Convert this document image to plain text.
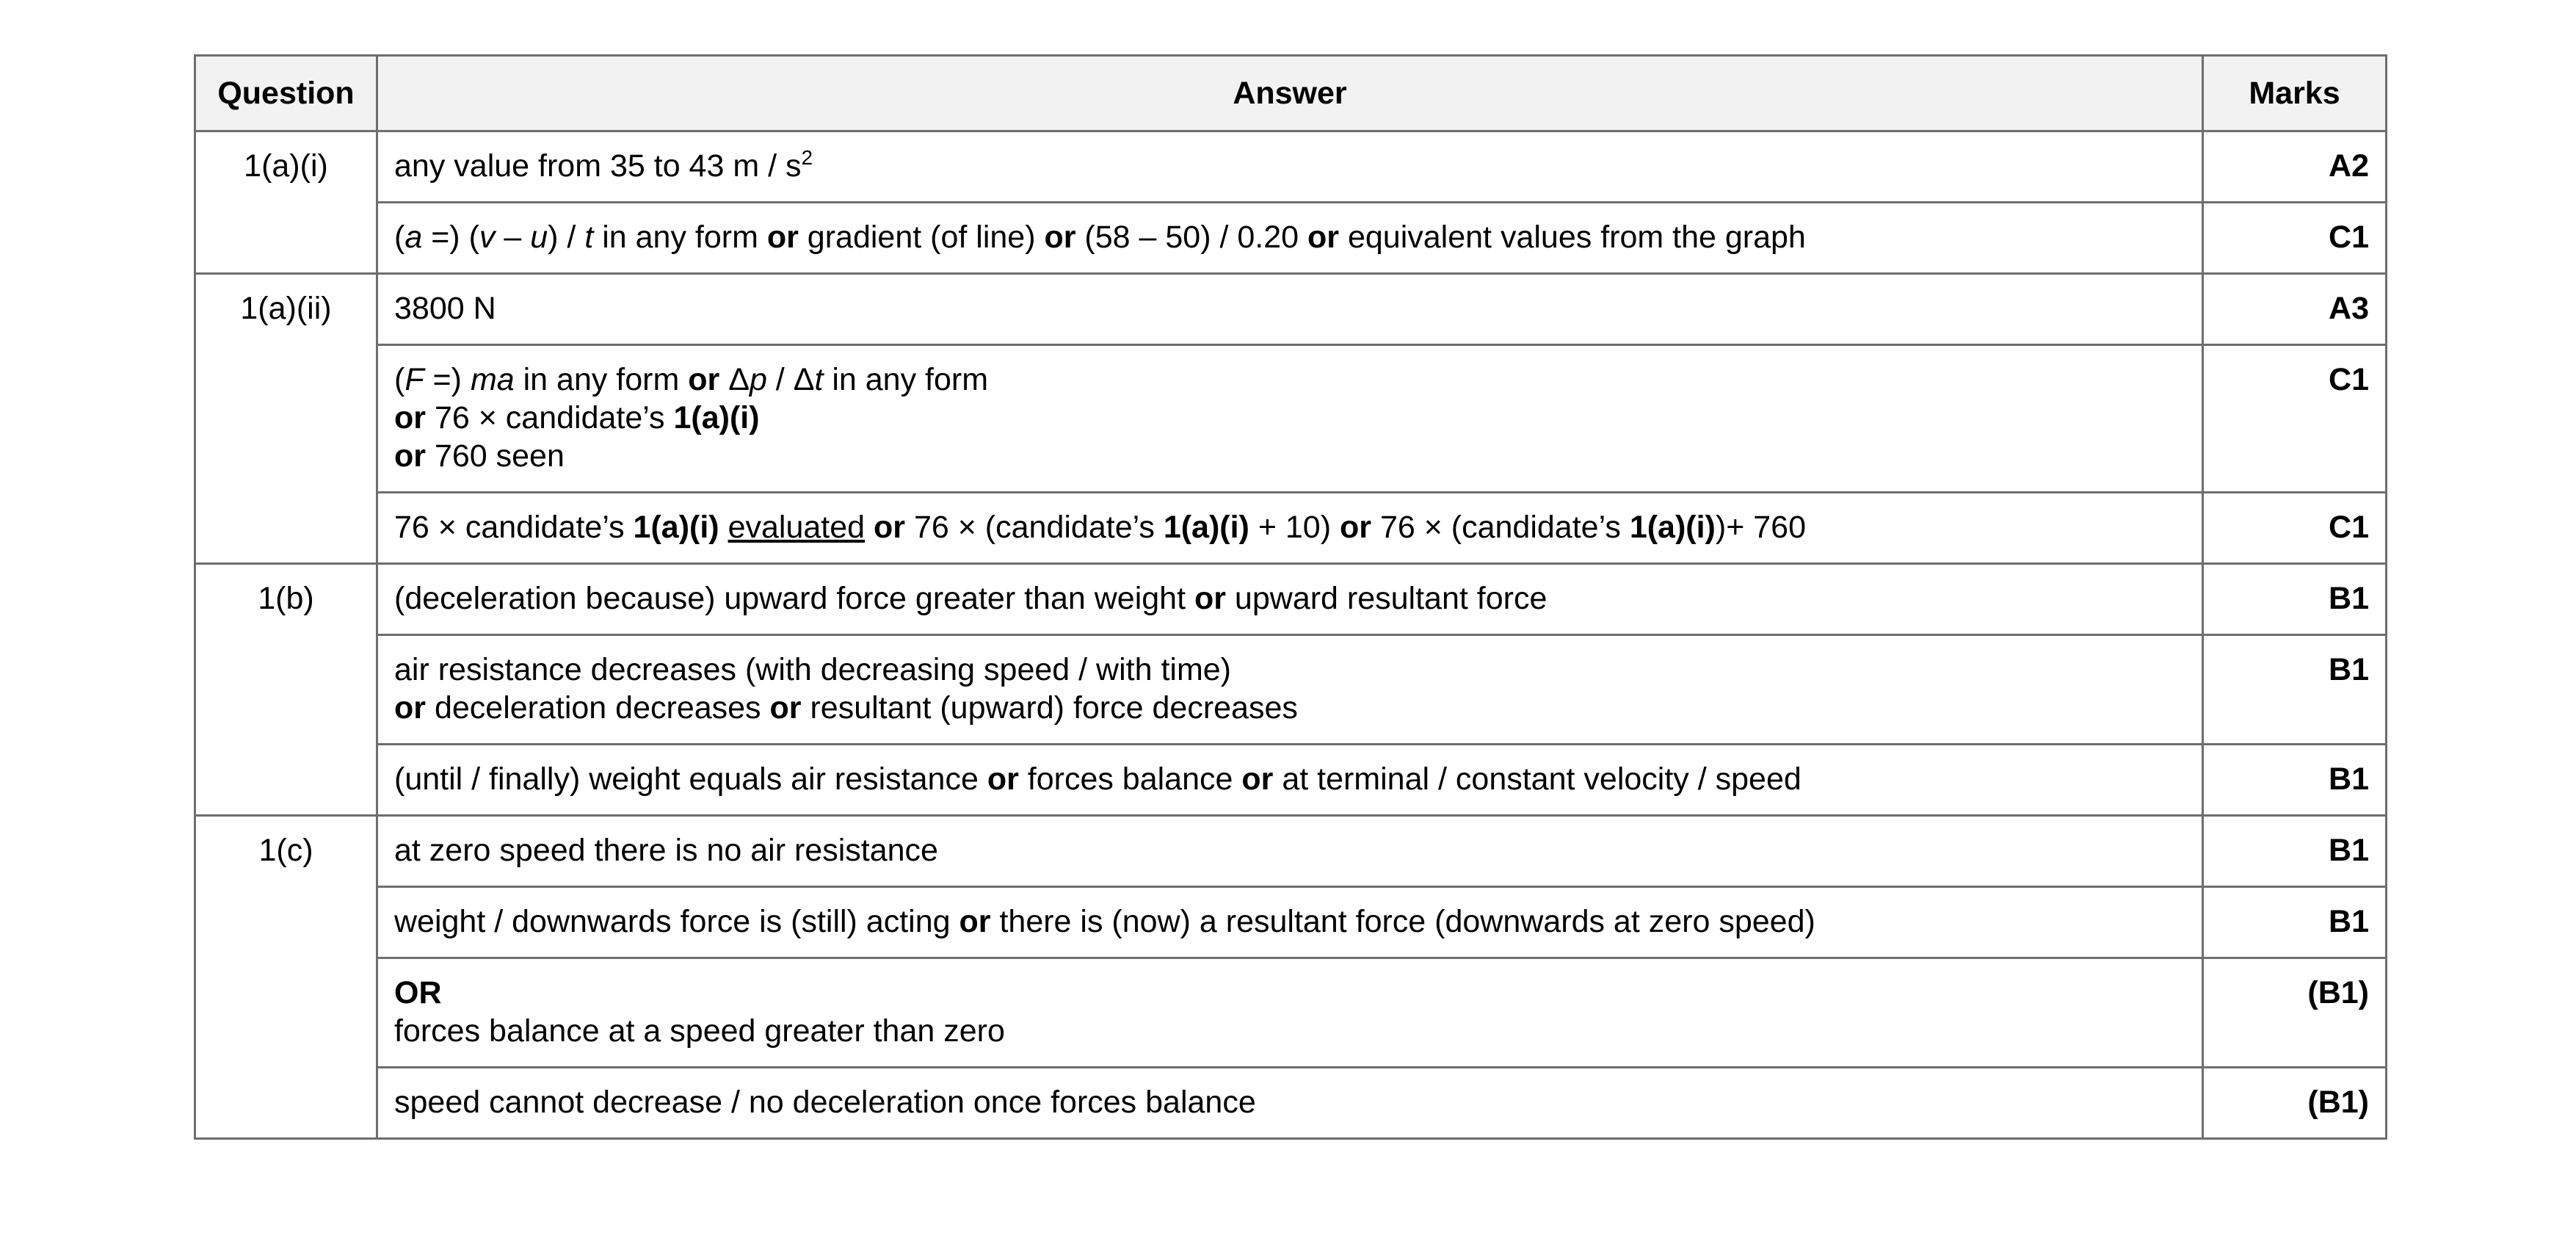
Question	Answer	Marks
1(a)(i)	any value from 35 to 43 m / $s^2$	A2
	(a =) (v – u) / t in any form or gradient (of line) or (58 – 50) / 0.20 or equivalent values from the graph	C1
1(a)(ii)	3800 N	A3

	(F =) ma in any form or Δp / Δt in any form
or 76 × candidate’s 1(a)(i)
or 760 seen	C1
	76 × candidate’s 1(a)(i) evaluated or 76 × (candidate’s 1(a)(i) + 10) or 76 × (candidate’s 1(a)(i))+ 760	C1
1(b)	(deceleration because) upward force greater than weight or upward resultant force	B1

	air resistance decreases (with decreasing speed / with time)
or deceleration decreases or resultant (upward) force decreases	B1
	(until / finally) weight equals air resistance or forces balance or at terminal / constant velocity / speed	B1
1(c)	at zero speed there is no air resistance	B1
	weight / downwards force is (still) acting or there is (now) a resultant force (downwards at zero speed)	B1

	OR
forces balance at a speed greater than zero	(B1)
	speed cannot decrease / no deceleration once forces balance	(B1)
